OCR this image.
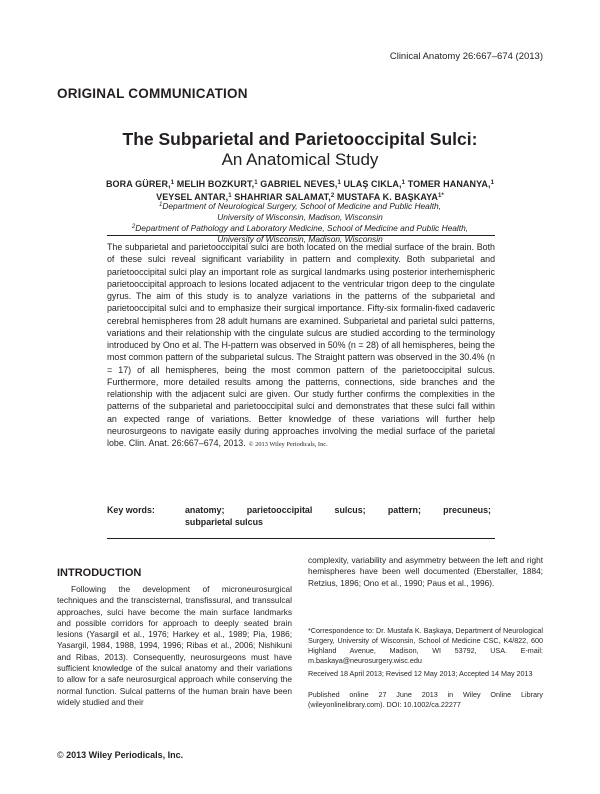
Clinical Anatomy 26:667–674 (2013)
ORIGINAL COMMUNICATION
The Subparietal and Parietooccipital Sulci:
An Anatomical Study
BORA GÜRER,$^1$ MELIH BOZKURT,$^1$ GABRIEL NEVES,$^1$ ULAŞ CIKLA,$^1$ TOMER HANANYA,$^1$
VEYSEL ANTAR,$^1$ SHAHRIAR SALAMAT,$^2$ MUSTAFA K. $BAŞKAYA^{1*}$
$^1$Department of Neurological Surgery, School of Medicine and Public Health,
University of Wisconsin, Madison, Wisconsin
$^2$Department of Pathology and Laboratory Medicine, School of Medicine and Public Health,
University of Wisconsin, Madison, Wisconsin

The subparietal and parietooccipital sulci are both located on the medial surface of the brain. Both of these sulci reveal significant variability in pattern and complexity. Both subparietal and parietooccipital sulci play an important role as surgical landmarks using posterior interhemispheric parietooccipital approach to lesions located adjacent to the ventricular trigon deep to the cingulate gyrus. The aim of this study is to analyze variations in the patterns of the subparietal and parietooccipital sulci and to emphasize their surgical importance. Fifty-six formalin-fixed cadaveric cerebral hemispheres from 28 adult humans are examined. Subparietal and parietal sulci patterns, variations and their relationship with the cingulate sulcus are studied according to the terminology introduced by Ono et al. The H-pattern was observed in 50% (n = 28) of all hemispheres, being the most common pattern of the subparietal sulcus. The Straight pattern was observed in the 30.4% (n = 17) of all hemispheres, being the most common pattern of the parietooccipital sulcus. Furthermore, more detailed results among the patterns, connections, side branches and the relationship with the adjacent sulci are given. Our study further confirms the complexities in the patterns of the subparietal and parietooccipital sulci and demonstrates that these sulci fall within an expected range of variations. Better knowledge of these variations will further help neurosurgeons to navigate easily during approaches involving the medial surface of the parietal lobe. Clin. Anat. 26:667–674, 2013. © 2013 Wiley Periodicals, Inc.

Key words:	anatomy; parietooccipital sulcus; pattern; precuneus;
subparietal sulcus
INTRODUCTION

Following the development of microneurosurgical techniques and the transcisternal, transfissural, and transsulcal approaches, sulci have become the main surface landmarks and possible corridors for approach to deeply seated brain lesions (Yasargil et al., 1976; Harkey et al., 1989; Pia, 1986; Yasargil, 1984, 1988, 1994, 1996; Ribas et al., 2006; Nishikuni and Ribas, 2013). Consequently, neurosurgeons must have sufficient knowledge of the sulcal anatomy and their variations to allow for a safe neurosurgical approach while conserving the normal function. Sulcal patterns of the human brain have been widely studied and their

complexity, variability and asymmetry between the left and right hemispheres have been well documented (Eberstaller, 1884; Retzius, 1896; Ono et al., 1990; Paus et al., 1996).

*Correspondence to: Dr. Mustafa K. Başkaya, Department of Neurological Surgery, University of Wisconsin, School of Medicine CSC, K4/822, 600 Highland Avenue, Madison, WI 53792, USA. E-mail: m.baskaya@neurosurgery.wisc.edu

Received 18 April 2013; Revised 12 May 2013; Accepted 14 May 2013

Published online 27 June 2013 in Wiley Online Library (wileyonlinelibrary.com). DOI: 10.1002/ca.22277

© 2013 Wiley Periodicals, Inc.
